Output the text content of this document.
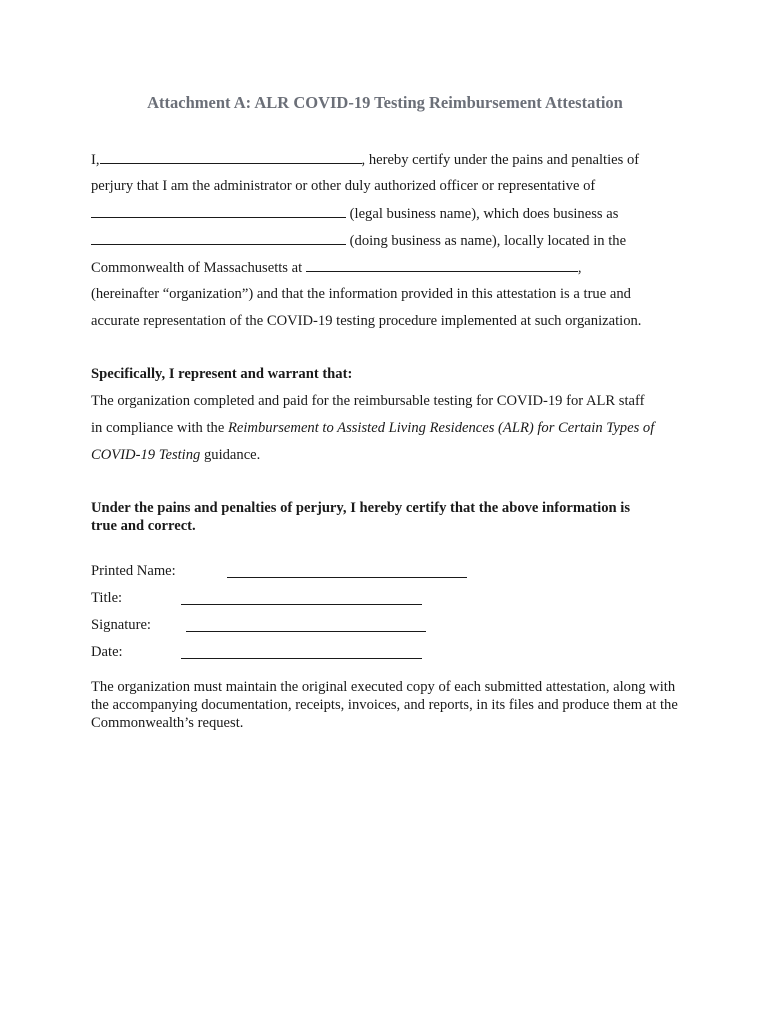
Attachment A: ALR COVID-19 Testing Reimbursement Attestation
I,	, hereby certify under the pains and penalties of
perjury that I am the administrator or other duly authorized officer or representative of
(legal business name), which does business as
(doing business as name), locally located in the
Commonwealth of Massachusetts at	,
(hereinafter “organization”) and that the information provided in this attestation is a true and
accurate representation of the COVID-19 testing procedure implemented at such organization.
Specifically, I represent and warrant that:
The organization completed and paid for the reimbursable testing for COVID-19 for ALR staff
in compliance with the Reimbursement to Assisted Living Residences (ALR) for Certain Types of
COVID-19 Testing guidance.
Under the pains and penalties of perjury, I hereby certify that the above information is
true and correct.
Printed Name:
Title:
Signature:
Date:
The organization must maintain the original executed copy of each submitted attestation, along with the accompanying documentation, receipts, invoices, and reports, in its files and produce them at the Commonwealth’s request.
